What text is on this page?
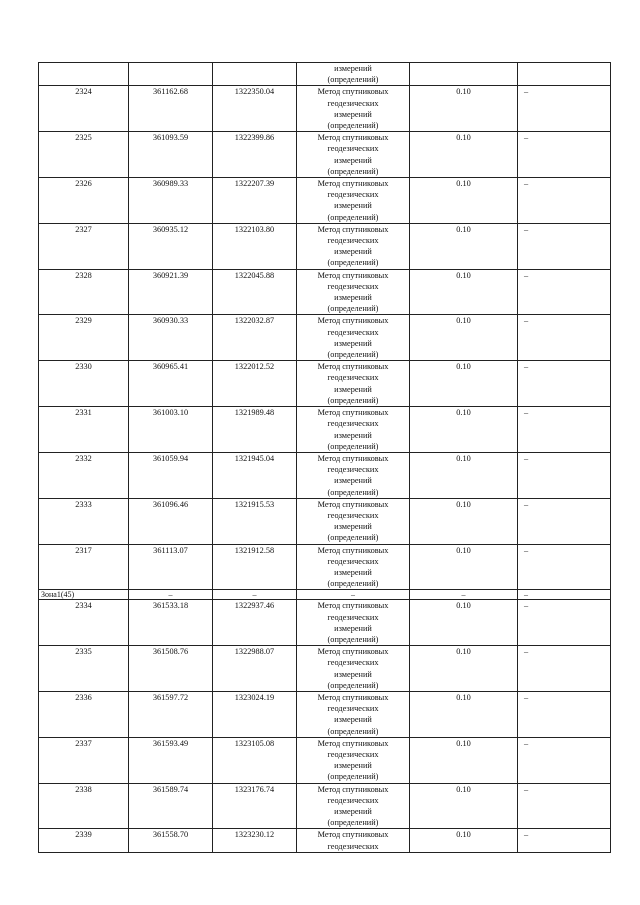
			измерений
(определений)		

2324	361162.68	1322350.04	Метод спутниковых
геодезических
измерений
(определений)	0.10	–
2325	361093.59	1322399.86	Метод спутниковых
геодезических
измерений
(определений)	0.10	–
2326	360989.33	1322207.39	Метод спутниковых
геодезических
измерений
(определений)	0.10	–
2327	360935.12	1322103.80	Метод спутниковых
геодезических
измерений
(определений)	0.10	–
2328	360921.39	1322045.88	Метод спутниковых
геодезических
измерений
(определений)	0.10	–
2329	360930.33	1322032.87	Метод спутниковых
геодезических
измерений
(определений)	0.10	–
2330	360965.41	1322012.52	Метод спутниковых
геодезических
измерений
(определений)	0.10	–
2331	361003.10	1321989.48	Метод спутниковых
геодезических
измерений
(определений)	0.10	–
2332	361059.94	1321945.04	Метод спутниковых
геодезических
измерений
(определений)	0.10	–
2333	361096.46	1321915.53	Метод спутниковых
геодезических
измерений
(определений)	0.10	–
2317	361113.07	1321912.58	Метод спутниковых
геодезических
измерений
(определений)	0.10	–
Зона1(45)	–	–	–	–	–
2334	361533.18	1322937.46	Метод спутниковых
геодезических
измерений
(определений)	0.10	–
2335	361508.76	1322988.07	Метод спутниковых
геодезических
измерений
(определений)	0.10	–
2336	361597.72	1323024.19	Метод спутниковых
геодезических
измерений
(определений)	0.10	–
2337	361593.49	1323105.08	Метод спутниковых
геодезических
измерений
(определений)	0.10	–
2338	361589.74	1323176.74	Метод спутниковых
геодезических
измерений
(определений)	0.10	–
2339	361558.70	1323230.12	Метод спутниковых
геодезических	0.10	–
